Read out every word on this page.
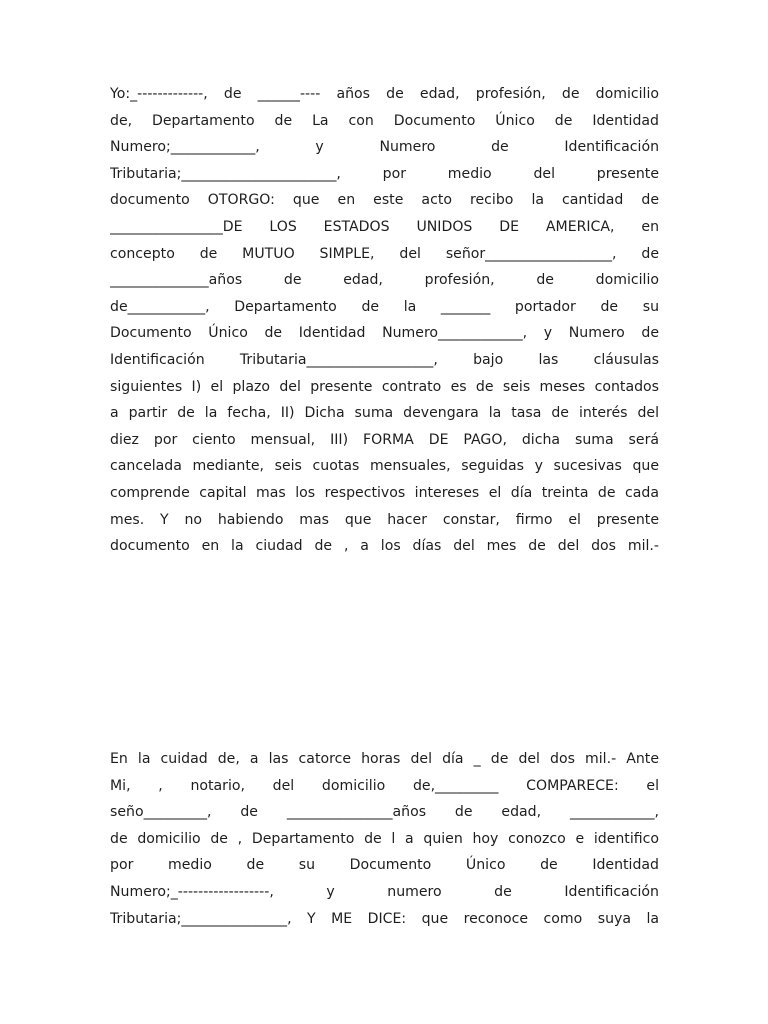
Yo:_-------------, de ______---- años de edad, profesión, de domicilio
de, Departamento de La con Documento Único de Identidad
Numero;____________, y Numero de Identificación
Tributaria;______________________, por medio del presente
documento OTORGO: que en este acto recibo la cantidad de
________________DE LOS ESTADOS UNIDOS DE AMERICA, en
concepto de MUTUO SIMPLE, del señor__________________, de
______________años de edad, profesión, de domicilio
de___________, Departamento de la _______ portador de su
Documento Único de Identidad Numero____________, y Numero de
Identificación Tributaria__________________, bajo las cláusulas
siguientes I) el plazo del presente contrato es de seis meses contados
a partir de la fecha, II) Dicha suma devengara la tasa de interés del
diez por ciento mensual, III) FORMA DE PAGO, dicha suma será
cancelada mediante, seis cuotas mensuales, seguidas y sucesivas que
comprende capital mas los respectivos intereses el día treinta de cada
mes. Y no habiendo mas que hacer constar, firmo el presente
documento en la ciudad de , a los días del mes de del dos mil.-
En la cuidad de, a las catorce horas del día _ de del dos mil.- Ante
Mi, , notario, del domicilio de,_________ COMPARECE: el
seño_________, de _______________años de edad, ____________,
de domicilio de , Departamento de l a quien hoy conozco e identifico
por medio de su Documento Único de Identidad
Numero;_------------------, y numero de Identificación
Tributaria;_______________, Y ME DICE: que reconoce como suya la
